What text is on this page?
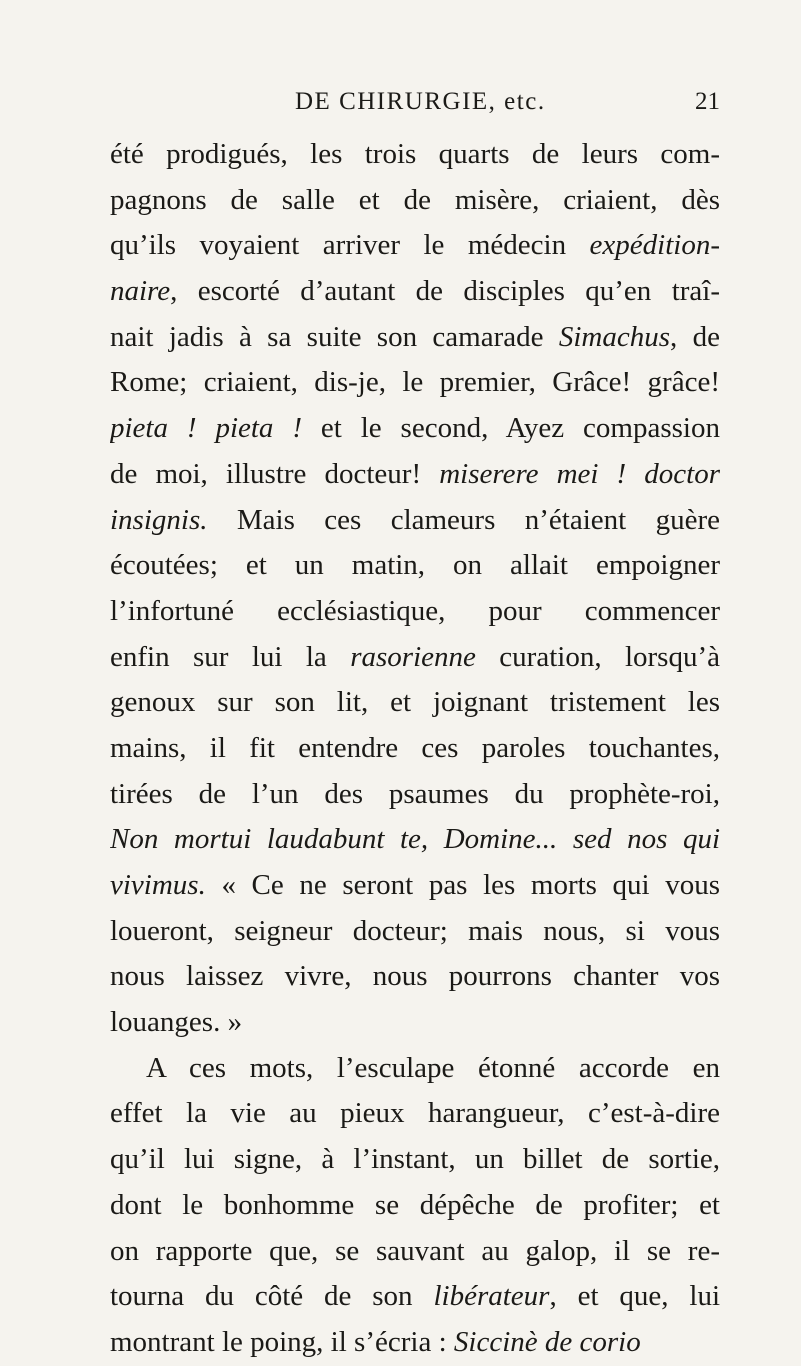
DE CHIRURGIE, etc.	21
été prodigués, les trois quarts de leurs com-
pagnons de salle et de misère, criaient, dès
qu’ils voyaient arriver le médecin expédition-
naire, escorté d’autant de disciples qu’en traî-
nait jadis à sa suite son camarade Simachus, de
Rome; criaient, dis-je, le premier, Grâce! grâce!
pieta ! pieta ! et le second, Ayez compassion
de moi, illustre docteur! miserere mei ! doctor
insignis. Mais ces clameurs n’étaient guère
écoutées; et un matin, on allait empoigner
l’infortuné ecclésiastique, pour commencer
enfin sur lui la rasorienne curation, lorsqu’à
genoux sur son lit, et joignant tristement les
mains, il fit entendre ces paroles touchantes,
tirées de l’un des psaumes du prophète-roi,
Non mortui laudabunt te, Domine... sed nos qui
vivimus. « Ce ne seront pas les morts qui vous
loueront, seigneur docteur; mais nous, si vous
nous laissez vivre, nous pourrons chanter vos
louanges. »
A ces mots, l’esculape étonné accorde en
effet la vie au pieux harangueur, c’est-à-dire
qu’il lui signe, à l’instant, un billet de sortie,
dont le bonhomme se dépêche de profiter; et
on rapporte que, se sauvant au galop, il se re-
tourna du côté de son libérateur, et que, lui
montrant le poing, il s’écria : Siccinè de corio
